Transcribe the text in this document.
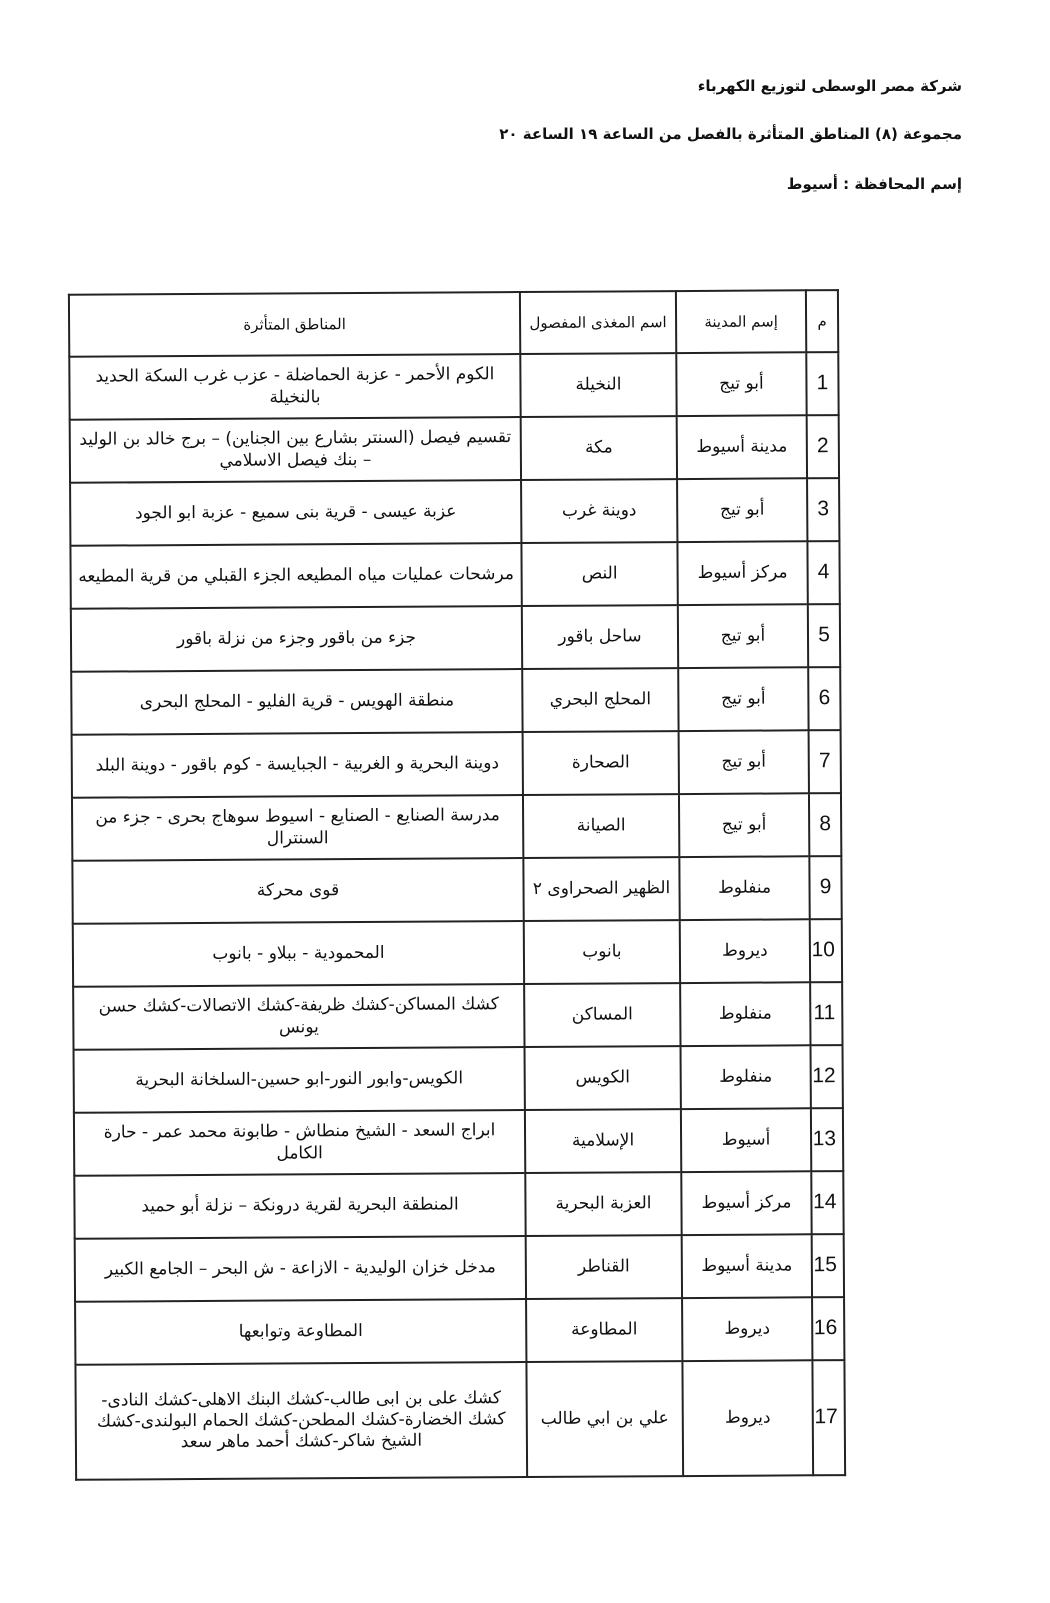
شركة مصر الوسطى لتوزيع الكهرباء
مجموعة (٨) المناطق المتأثرة بالفصل من الساعة ١٩ الساعة ٢٠
إسم المحافظة : أسيوط
م	إسم المدينة	اسم المغذى المفصول	المناطق المتأثرة
1	أبو تيج	النخيلة	الكوم الأحمر - عزبة الحماضلة - عزب غرب السكة الحديد بالنخيلة
2	مدينة أسيوط	مكة	تقسيم فيصل (السنتر بشارع بين الجناين) – برج خالد بن الوليد – بنك فيصل الاسلامي
3	أبو تيج	دوينة غرب	عزبة عيسى - قرية بنى سميع - عزبة ابو الجود
4	مركز أسيوط	النص	مرشحات عمليات مياه المطيعه الجزء القبلي من قرية المطيعه
5	أبو تيج	ساحل باقور	جزء من باقور وجزء من نزلة باقور
6	أبو تيج	المحلج البحري	منطقة الهويس - قرية الفليو - المحلج البحرى
7	أبو تيج	الصحارة	دوينة البحرية و الغربية - الجبايسة - كوم باقور - دوينة البلد
8	أبو تيج	الصيانة	مدرسة الصنايع - الصنايع - اسيوط سوهاج بحرى - جزء من السنترال
9	منفلوط	الظهير الصحراوى ٢	قوى محركة
10	ديروط	بانوب	المحمودية - ببلاو - بانوب
11	منفلوط	المساكن	كشك المساكن-كشك ظريفة-كشك الاتصالات-كشك حسن يونس
12	منفلوط	الكويس	الكويس-وابور النور-ابو حسين-السلخانة البحرية
13	أسيوط	الإسلامية	ابراج السعد - الشيخ منطاش - طابونة محمد عمر - حارة الكامل
14	مركز أسيوط	العزبة البحرية	المنطقة البحرية لقرية درونكة – نزلة أبو حميد
15	مدينة أسيوط	القناطر	مدخل خزان الوليدية - الازاعة - ش البحر – الجامع الكبير
16	ديروط	المطاوعة	المطاوعة وتوابعها
17	ديروط	علي بن ابي طالب	كشك على بن ابى طالب-كشك البنك الاهلى-كشك النادى-كشك الخضارة-كشك المطحن-كشك الحمام البولندى-كشك الشيخ شاكر-كشك أحمد ماهر سعد
